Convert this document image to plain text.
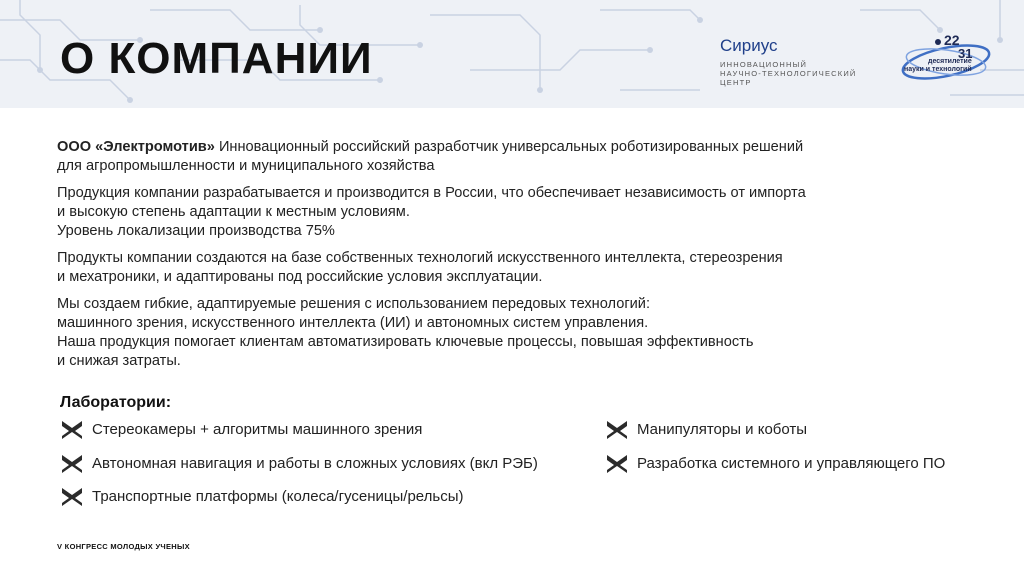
О КОМПАНИИ	Сириус
ИННОВАЦИОННЫЙ
НАУЧНО-ТЕХНОЛОГИЧЕСКИЙ
ЦЕНТР
22
31
десятилетие
науки и технологий
ООО «Электромотив» Инновационный российский разработчик универсальных роботизированных решений
для агропромышленности и муниципального хозяйства
Продукция компании разрабатывается и производится в России, что обеспечивает независимость от импорта
и высокую степень адаптации к местным условиям.
Уровень локализации производства 75%
Продукты компании создаются на базе собственных технологий искусственного интеллекта, стереозрения
и мехатроники, и адаптированы под российские условия эксплуатации.
Мы создаем гибкие, адаптируемые решения с использованием передовых технологий:
машинного зрения, искусственного интеллекта (ИИ) и автономных систем управления.
Наша продукция помогает клиентам автоматизировать ключевые процессы, повышая эффективность
и снижая затраты.
Лаборатории:
Стереокамеры + алгоритмы машинного зрения
Автономная навигация и работы в сложных условиях (вкл РЭБ)
Транспортные платформы (колеса/гусеницы/рельсы)
Манипуляторы и коботы
Разработка системного и управляющего ПО
V КОНГРЕСС МОЛОДЫХ УЧЕНЫХ
